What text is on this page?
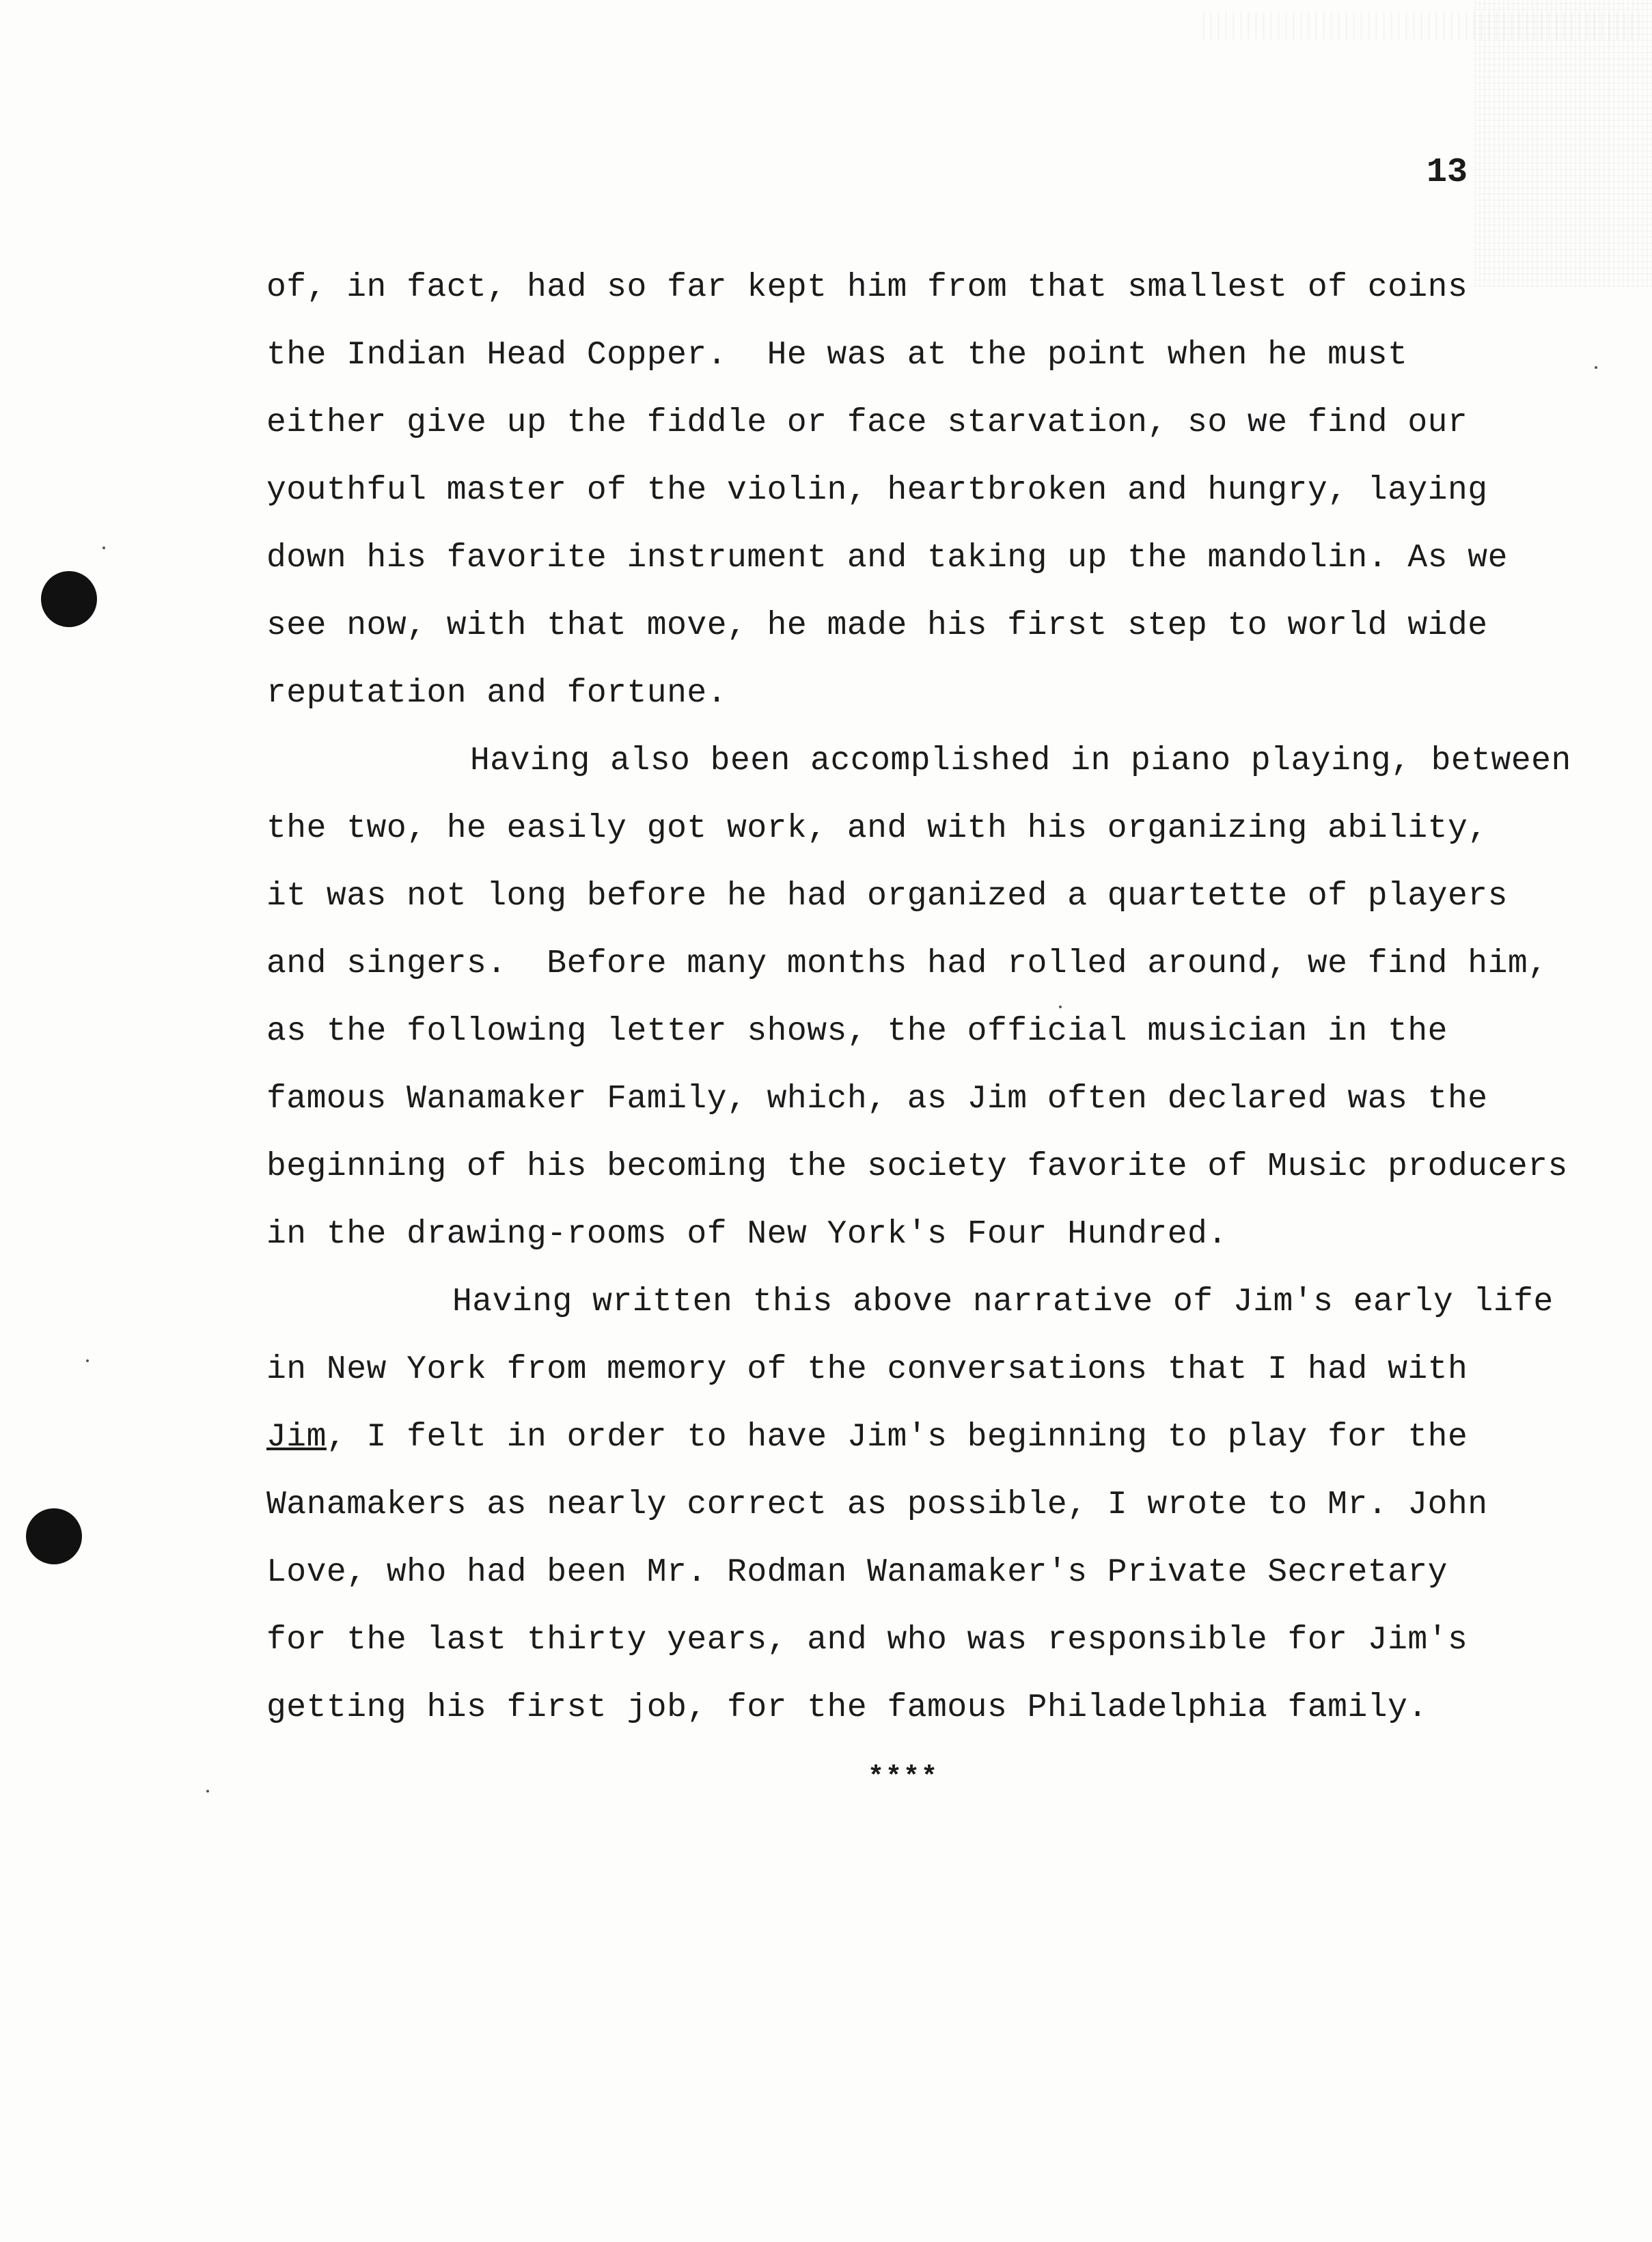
13
of, in fact, had so far kept him from that smallest of coins
the Indian Head Copper.  He was at the point when he must
either give up the fiddle or face starvation, so we find our
youthful master of the violin, heartbroken and hungry, laying
down his favorite instrument and taking up the mandolin. As we
see now, with that move, he made his first step to world wide
reputation and fortune.
Having also been accomplished in piano playing, between
the two, he easily got work, and with his organizing ability,
it was not long before he had organized a quartette of players
and singers.  Before many months had rolled around, we find him,
as the following letter shows, the official musician in the
famous Wanamaker Family, which, as Jim often declared was the
beginning of his becoming the society favorite of Music producers
in the drawing-rooms of New York's Four Hundred.
Having written this above narrative of Jim's early life
in New York from memory of the conversations that I had with
Jim, I felt in order to have Jim's beginning to play for the
Wanamakers as nearly correct as possible, I wrote to Mr. John
Love, who had been Mr. Rodman Wanamaker's Private Secretary
for the last thirty years, and who was responsible for Jim's
getting his first job, for the famous Philadelphia family.
****
